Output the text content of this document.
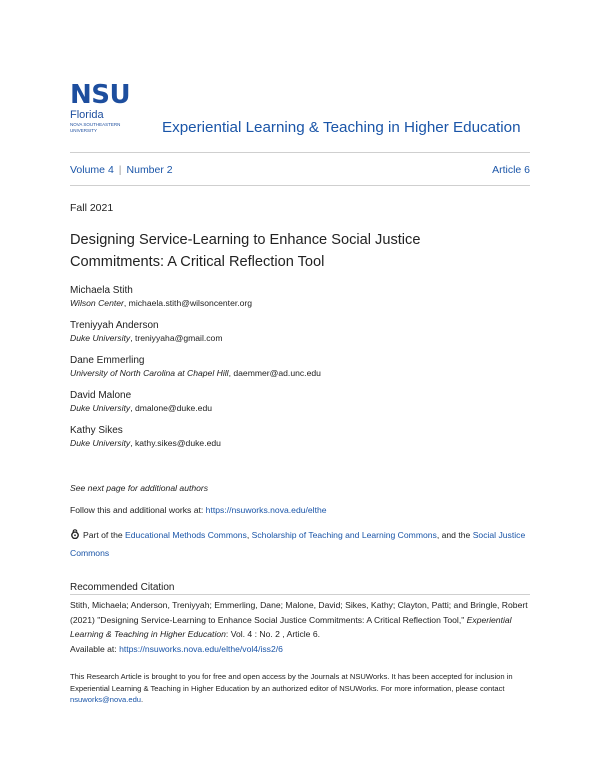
NSU
Florida
NOVA SOUTHEASTERN UNIVERSITY	Experiential Learning & Teaching in Higher Education
Volume 4 | Number 2	Article 6
Fall 2021
Designing Service-Learning to Enhance Social Justice Commitments: A Critical Reflection Tool
Michaela Stith
Wilson Center, michaela.stith@wilsoncenter.org
Treniyyah Anderson
Duke University, treniyyaha@gmail.com
Dane Emmerling
University of North Carolina at Chapel Hill, daemmer@ad.unc.edu
David Malone
Duke University, dmalone@duke.edu
Kathy Sikes
Duke University, kathy.sikes@duke.edu
See next page for additional authors
Follow this and additional works at: https://nsuworks.nova.edu/elthe
Part of the Educational Methods Commons, Scholarship of Teaching and Learning Commons, and the Social Justice Commons
Recommended Citation
Stith, Michaela; Anderson, Treniyyah; Emmerling, Dane; Malone, David; Sikes, Kathy; Clayton, Patti; and Bringle, Robert (2021) "Designing Service-Learning to Enhance Social Justice Commitments: A Critical Reflection Tool," Experiential Learning & Teaching in Higher Education: Vol. 4 : No. 2 , Article 6.
Available at: https://nsuworks.nova.edu/elthe/vol4/iss2/6
This Research Article is brought to you for free and open access by the Journals at NSUWorks. It has been accepted for inclusion in Experiential Learning & Teaching in Higher Education by an authorized editor of NSUWorks. For more information, please contact nsuworks@nova.edu.
